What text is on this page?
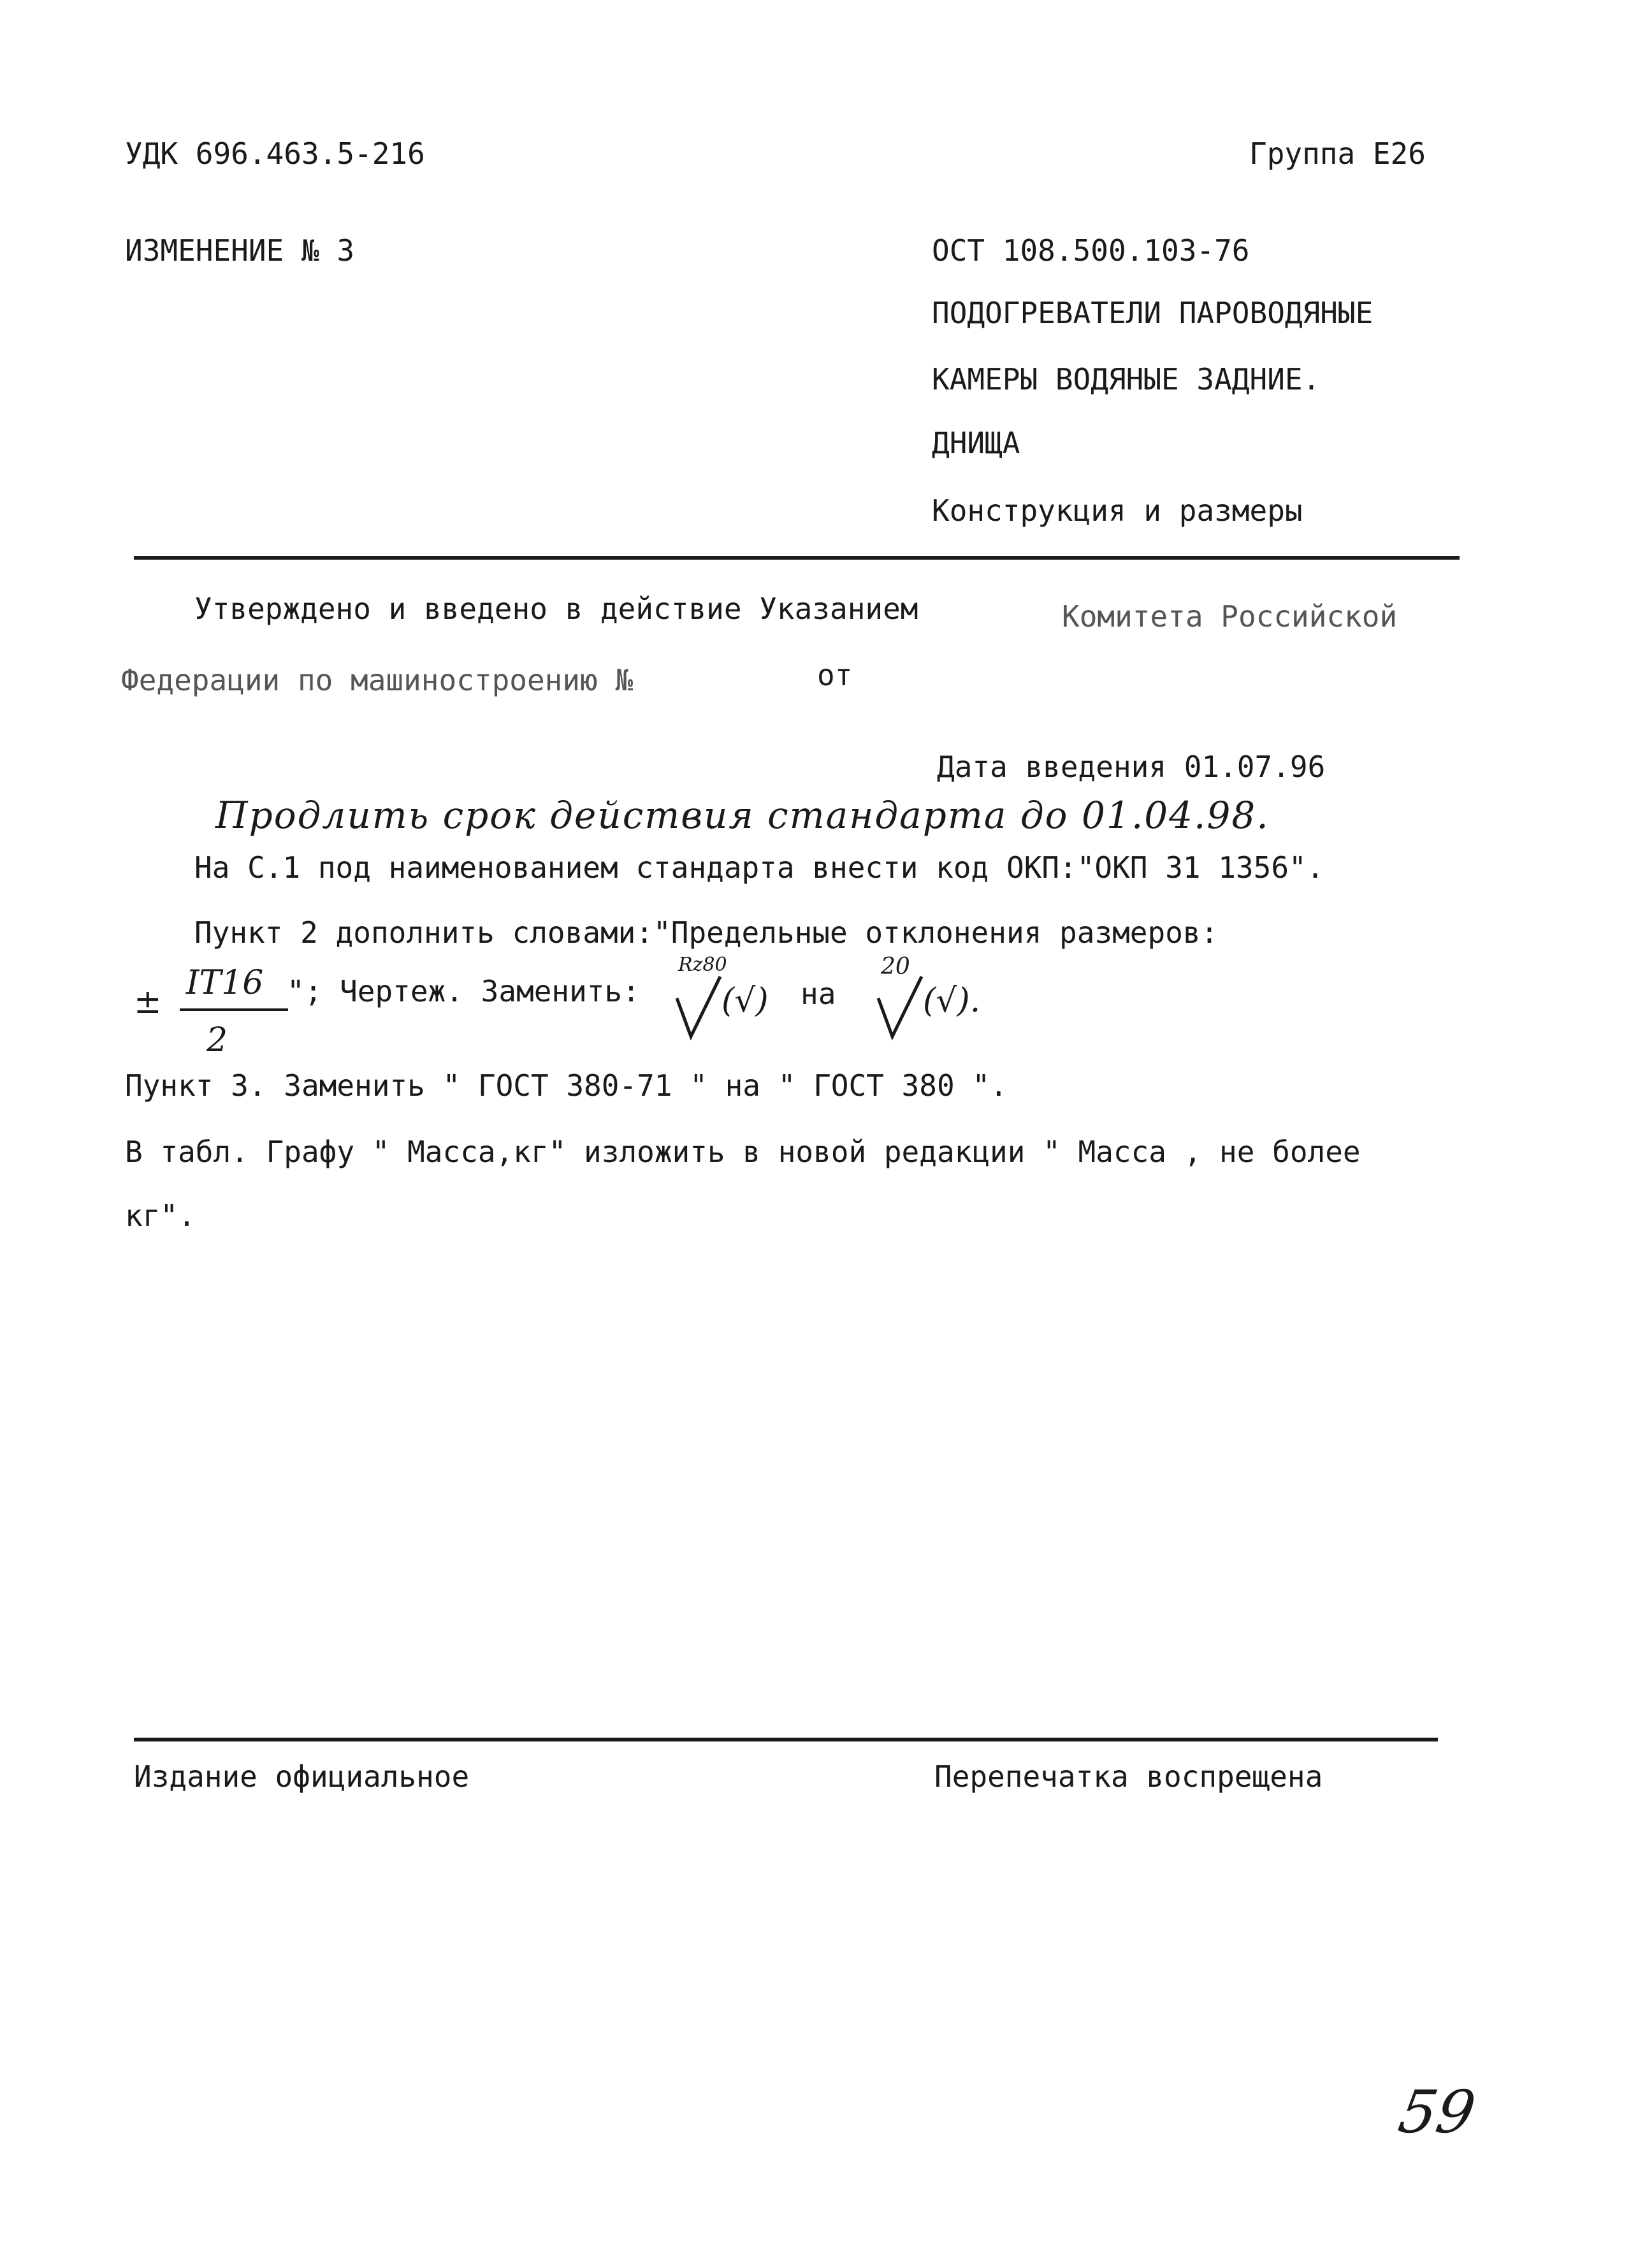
УДК 696.463.5-216	Группа Е26
ИЗМЕНЕНИЕ № 3	ОСТ 108.500.103-76
ПОДОГРЕВАТЕЛИ ПАРОВОДЯНЫЕ
КАМЕРЫ ВОДЯНЫЕ ЗАДНИЕ.
ДНИЩА
Конструкция и размеры
Утверждено и введено в действие Указанием	Комитета Российской
Федерации по машиностроению №	от
Дата введения 01.07.96
Продлить срок действия стандарта до 01.04.98.
На С.1 под наименованием стандарта внести код ОКП:"ОКП 31 1356".
Пункт 2 дополнить словами:"Предельные отклонения размеров:
± IT16
2
"; Чертеж. Заменить:
Rz80
(√) на
20
(√).
Пункт 3. Заменить " ГОСТ 380-71 " на " ГОСТ 380 ".
В табл. Графу " Масса,кг" изложить в новой редакции " Масса , не более
кг".
Издание официальное	Перепечатка воспрещена
59
